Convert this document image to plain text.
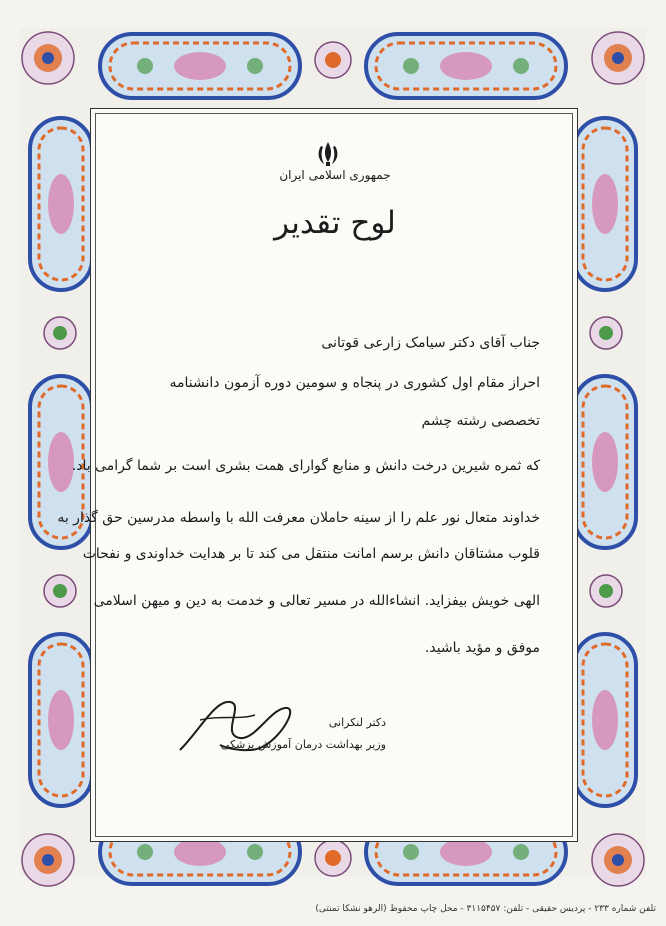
جمهوری اسلامی ایران
لوح تقدیر
جناب آقای دکتر سیامک زارعی قوتانی
احراز مقام اول کشوری در پنجاه و سومین دوره آزمون دانشنامه
تخصصی رشته چشم
که ثمره شیرین درخت دانش و منابع گوارای همت بشری است بر شما گرامی باد.
خداوند متعال نور علم را از سینه حاملان معرفت الله با واسطه مدرسین حق گذار به
قلوب مشتاقان دانش برسم امانت منتقل می کند تا بر هدایت خداوندی و نفحات
الهی خویش بیفزاید. انشاءالله در مسیر تعالی و خدمت به دین و میهن اسلامی
موفق و مؤید باشید.
دکتر لنکرانی
وزیر بهداشت درمان آموزش پزشکی
تلفن شماره ۲۳۳ - پردیس حقیقی - تلفن: ۳۱۱۵۴۵۷ - محل چاپ محفوظ (الرهو نشکا تمنتی)
